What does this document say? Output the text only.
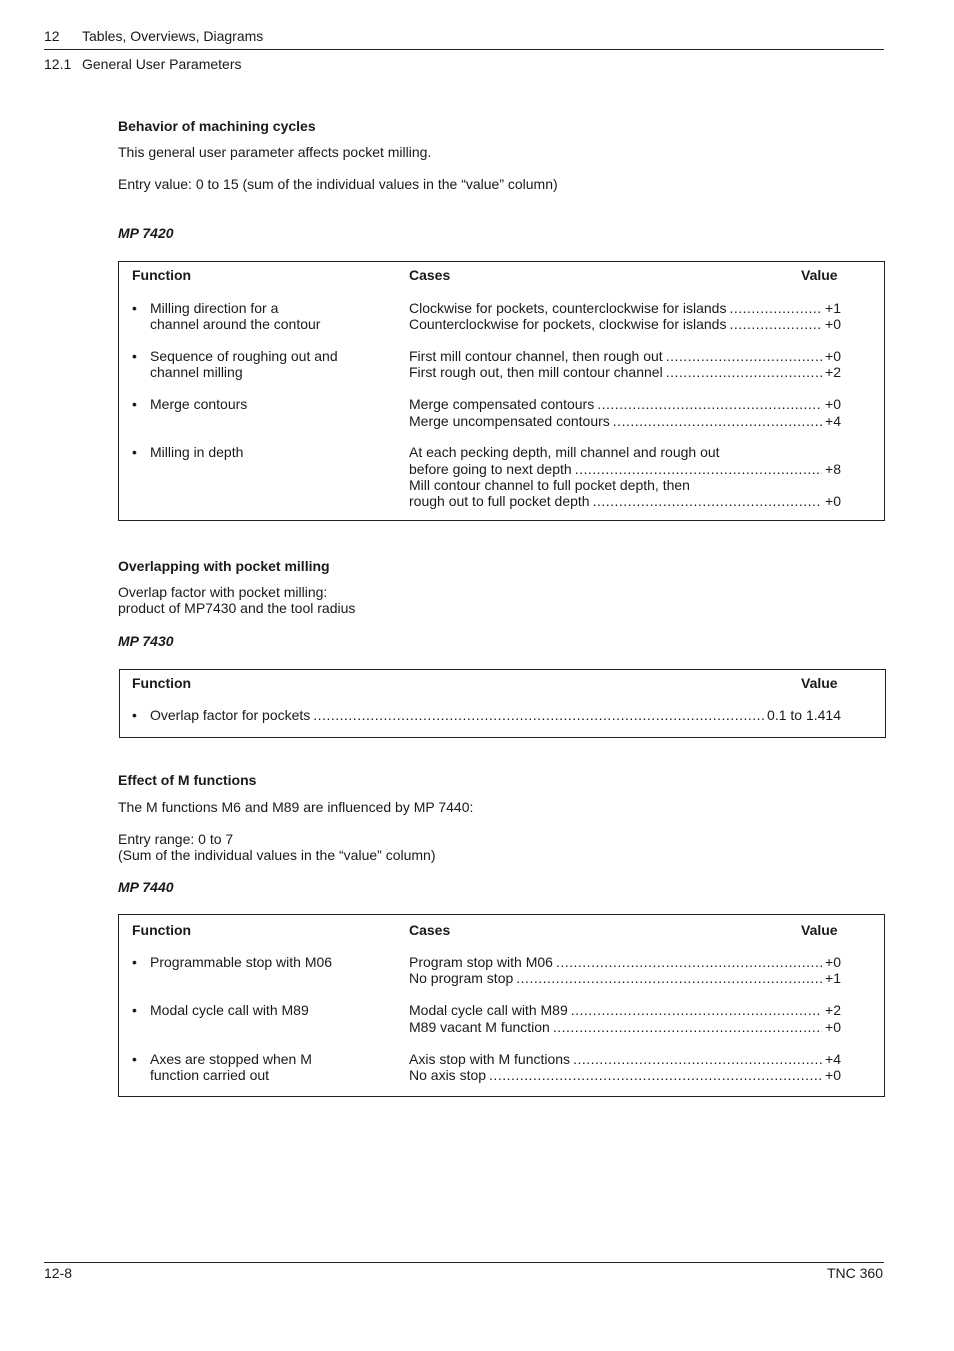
12 Tables, Overviews, Diagrams
12.1 General User Parameters
Behavior of machining cycles
This general user parameter affects pocket milling.
Entry value: 0 to 15 (sum of the individual values in the “value” column)
MP 7420
Function	Cases	Value
• Milling direction for a
channel around the contour
Clockwise for pockets, counterclockwise for islands .....	+1
Counterclockwise for pockets, clockwise for islands .....	+0
• Sequence of roughing out and
channel milling
First mill contour channel, then rough out .....	+0
First rough out, then mill contour channel .....	+2
• Merge contours	Merge compensated contours .....	+0
Merge uncompensated contours .....	+4
• Milling in depth	At each pecking depth, mill channel and rough out
before going to next depth .....	+8
Mill contour channel to full pocket depth, then
rough out to full pocket depth .....	+0
Overlapping with pocket milling
Overlap factor with pocket milling:
product of MP7430 and the tool radius
MP 7430
Function	Value
• Overlap factor for pockets .....	0.1 to 1.414
Effect of M functions
The M functions M6 and M89 are influenced by MP 7440:
Entry range: 0 to 7
(Sum of the individual values in the “value” column)
MP 7440
Function	Cases	Value
• Programmable stop with M06	Program stop with M06 .....	+0
No program stop .....	+1
• Modal cycle call with M89	Modal cycle call with M89 .....	+2
M89 vacant M function .....	+0
• Axes are stopped when M
function carried out
Axis stop with M functions .....	+4
No axis stop .....	+0
12-8	TNC 360
